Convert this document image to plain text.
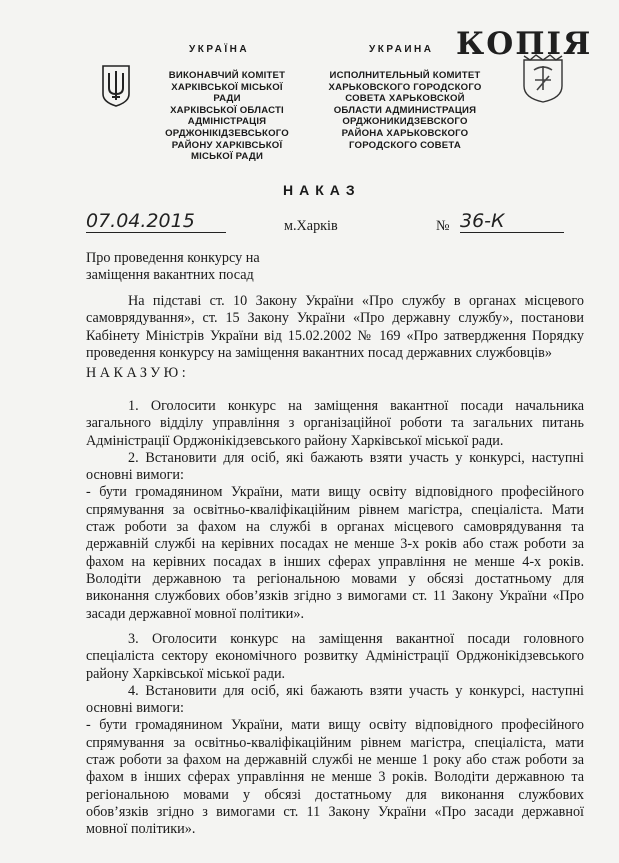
УКРАЇНА	УКРАИНА КОПІЯ
ВИКОНАВЧИЙ КОМІТЕТ
ХАРКІВСЬКОЇ МІСЬКОЇ РАДИ
ХАРКІВСЬКОЇ ОБЛАСТІ
АДМІНІСТРАЦІЯ
ОРДЖОНІКІДЗЕВСЬКОГО
РАЙОНУ ХАРКІВСЬКОЇ
МІСЬКОЇ РАДИ
ИСПОЛНИТЕЛЬНЫЙ КОМИТЕТ
ХАРЬКОВСКОГО ГОРОДСКОГО
СОВЕТА ХАРЬКОВСКОЙ
ОБЛАСТИ АДМИНИСТРАЦИЯ
ОРДЖОНИКИДЗЕВСКОГО
РАЙОНА ХАРЬКОВСКОГО
ГОРОДСКОГО СОВЕТА
НАКАЗ
07.04.2015	м.Харків	№ 36-К
Про проведення конкурсу на
заміщення вакантних посад
На підставі ст. 10 Закону України «Про службу в органах місцевого
самоврядування», ст. 15 Закону України «Про державну службу», постанови
Кабінету Міністрів України від 15.02.2002 № 169 «Про затвердження Порядку
проведення конкурсу на заміщення вакантних посад державних службовців»
НАКАЗУЮ:
1. Оголосити конкурс на заміщення вакантної посади начальника
загального відділу управління з організаційної роботи та загальних питань
Адміністрації Орджонікідзевського району Харківської міської ради.
2. Встановити для осіб, які бажають взяти участь у конкурсі, наступні
основні вимоги:
- бути громадянином України, мати вищу освіту відповідного професійного
спрямування за освітньо-кваліфікаційним рівнем магістра, спеціаліста. Мати
стаж роботи за фахом на службі в органах місцевого самоврядування та
державній службі на керівних посадах не менше 3-х років або стаж роботи за
фахом на керівних посадах в інших сферах управління не менше 4-х років.
Володіти державною та регіональною мовами у обсязі достатньому для
виконання службових обов’язків згідно з вимогами ст. 11 Закону України «Про
засади державної мовної політики».
3. Оголосити конкурс на заміщення вакантної посади головного
спеціаліста сектору економічного розвитку Адміністрації Орджонікідзевського
району Харківської міської ради.
4. Встановити для осіб, які бажають взяти участь у конкурсі, наступні
основні вимоги:
- бути громадянином України, мати вищу освіту відповідного професійного
спрямування за освітньо-кваліфікаційним рівнем магістра, спеціаліста, мати
стаж роботи за фахом на державній службі не менше 1 року або стаж роботи за
фахом в інших сферах управління не менше 3 років. Володіти державною та
регіональною мовами у обсязі достатньому для виконання службових
обов’язків згідно з вимогами ст. 11 Закону України «Про засади державної
мовної політики».
